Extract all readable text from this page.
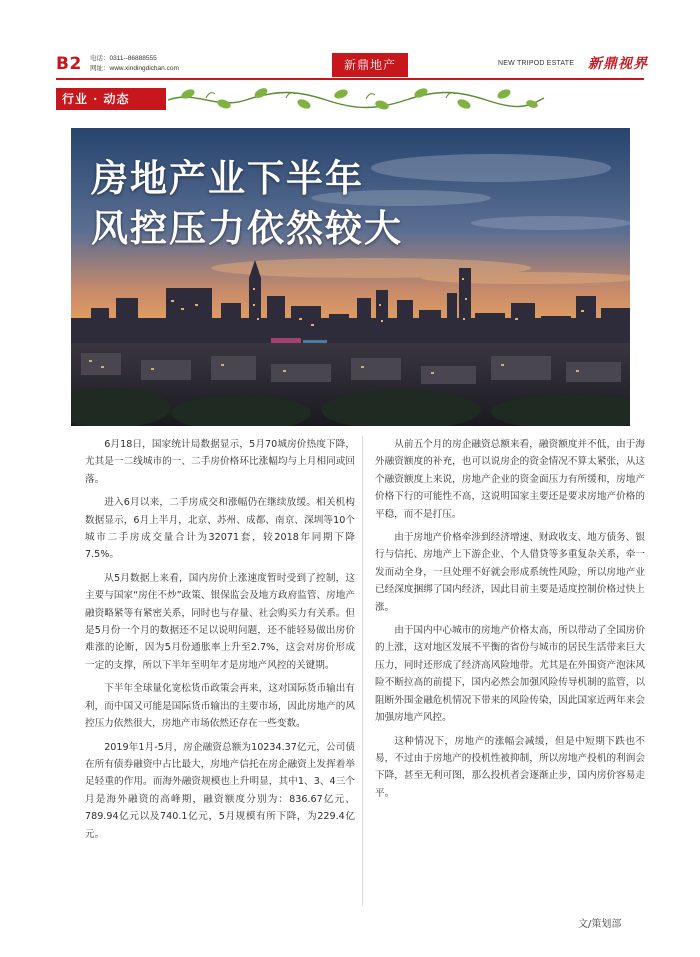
B2 电话：0311--86888555
网址：www.xindingdichan.com	新鼎地产	NEW TRIPOD ESTATE 新鼎视界
行业 · 动态
房地产业下半年
风控压力依然较大

6月18日，国家统计局数据显示，5月70城房价热度下降，尤其是一二线城市的一、二手房价格环比涨幅均与上月相同或回落。

进入6月以来，二手房成交和涨幅仍在继续放缓。相关机构数据显示，6月上半月，北京、苏州、成都、南京、深圳等10个城市二手房成交量合计为32071套，较2018年同期下降7.5%。

从5月数据上来看，国内房价上涨速度暂时受到了控制，这主要与国家“房住不炒”政策、银保监会及地方政府监管、房地产融资略紧等有紧密关系，同时也与存量、社会购买力有关系。但是5月份一个月的数据还不足以说明问题，还不能轻易做出房价难涨的论断，因为5月份通胀率上升至2.7%，这会对房价形成一定的支撑，所以下半年至明年才是房地产风控的关键期。

下半年全球量化宽松货币政策会再来，这对国际货币输出有利，而中国又可能是国际货币输出的主要市场，因此房地产的风控压力依然很大，房地产市场依然还存在一些变数。

2019年1月-5月，房企融资总额为10234.37亿元，公司债在所有债券融资中占比最大，房地产信托在房企融资上发挥着举足轻重的作用。而海外融资规模也上升明显，其中1、3、4三个月是海外融资的高峰期，融资额度分别为：836.67亿元、789.94亿元以及740.1亿元，5月规模有所下降，为229.4亿元。

从前五个月的房企融资总额来看，融资额度并不低，由于海外融资额度的补充，也可以说房企的资金情况不算太紧张，从这个融资额度上来说，房地产企业的资金面压力有所缓和，房地产价格下行的可能性不高，这说明国家主要还是要求房地产价格的平稳，而不是打压。

由于房地产价格牵涉到经济增速、财政收支、地方债务、银行与信托、房地产上下游企业、个人借贷等多重复杂关系，牵一发而动全身，一旦处理不好就会形成系统性风险，所以房地产业已经深度捆绑了国内经济，因此目前主要是适度控制价格过快上涨。

由于国内中心城市的房地产价格太高，所以带动了全国房价的上涨，这对地区发展不平衡的省份与城市的居民生活带来巨大压力，同时还形成了经济高风险地带。尤其是在外围资产泡沫风险不断拉高的前提下，国内必然会加强风险传导机制的监管，以阻断外围金融危机情况下带来的风险传染，因此国家近两年来会加强房地产风控。

这种情况下，房地产的涨幅会减缓，但是中短期下跌也不易，不过由于房地产的投机性被抑制，所以房地产投机的利润会下降，甚至无利可图，那么投机者会逐渐止步，国内房价容易走平。

文/策划部
